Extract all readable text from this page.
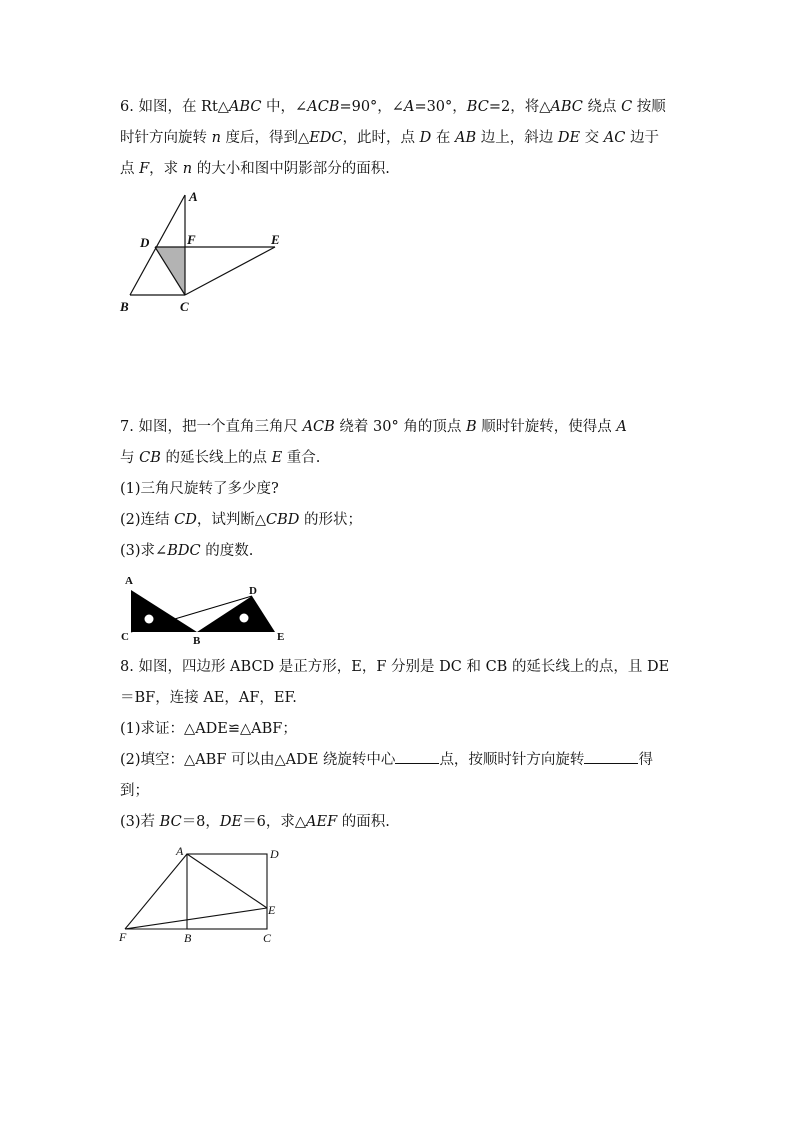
6. 如图，在 Rt△ABC 中，∠ACB=90°，∠A=30°，BC=2，将△ABC 绕点 C 按顺
时针方向旋转 n 度后，得到△EDC，此时，点 D 在 AB 边上，斜边 DE 交 AC 边于
点 F，求 n 的大小和图中阴影部分的面积.
A
D	F	E
B	C
7. 如图，把一个直角三角尺 ACB 绕着 30° 角的顶点 B 顺时针旋转，使得点 A
与 CB 的延长线上的点 E 重合.
(1)三角尺旋转了多少度?
(2)连结 CD，试判断△CBD 的形状；
(3)求∠BDC 的度数.
A
D
C	B	E
8. 如图，四边形 ABCD 是正方形，E，F 分别是 DC 和 CB 的延长线上的点，且 DE
＝BF，连接 AE，AF，EF.
(1)求证：△ADE≌△ABF；
(2)填空：△ABF 可以由△ADE 绕旋转中心	点，按顺时针方向旋转	得
到；
(3)若 BC＝8，DE＝6，求△AEF 的面积.
A	D
E
F	B	C
